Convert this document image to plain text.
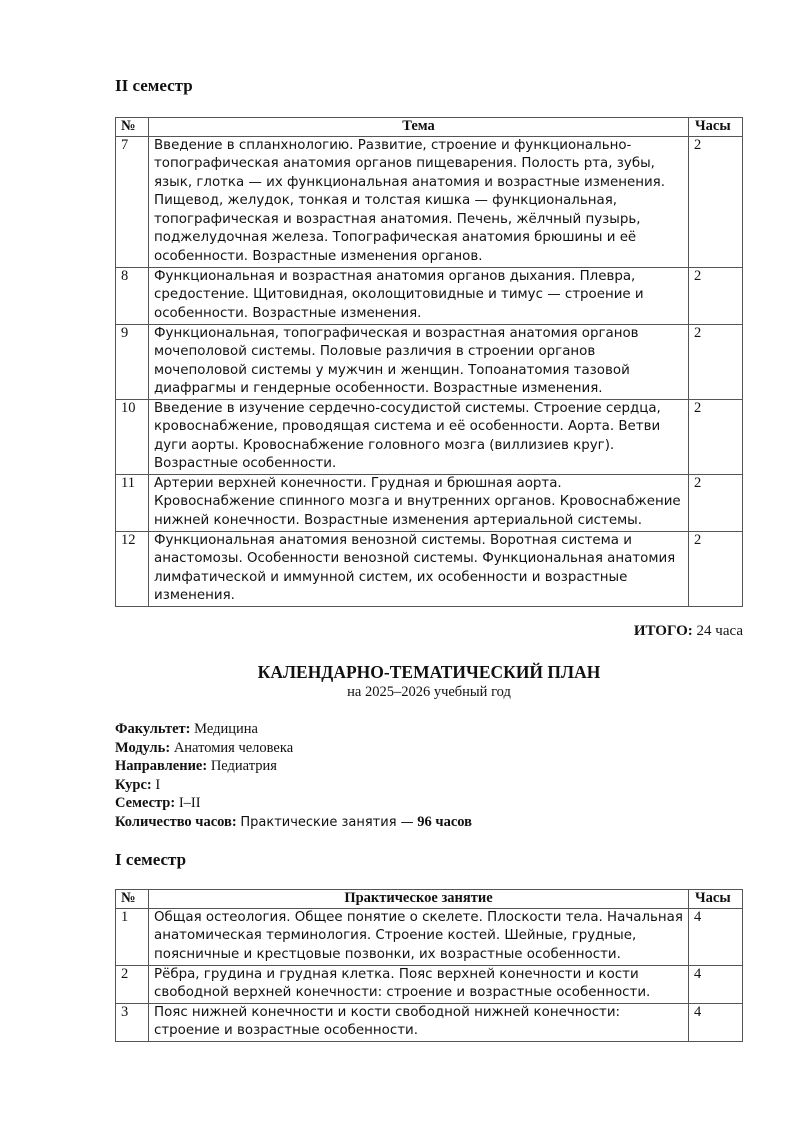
II семестр
№	Тема	Часы
7	Введение в спланхнологию. Развитие, строение и функционально-топографическая анатомия органов пищеварения. Полость рта, зубы, язык, глотка — их функциональная анатомия и возрастные изменения. Пищевод, желудок, тонкая и толстая кишка — функциональная, топографическая и возрастная анатомия. Печень, жёлчный пузырь, поджелудочная железа. Топографическая анатомия брюшины и её особенности. Возрастные изменения органов.	2
8	Функциональная и возрастная анатомия органов дыхания. Плевра, средостение. Щитовидная, околощитовидные и тимус — строение и особенности. Возрастные изменения.	2
9	Функциональная, топографическая и возрастная анатомия органов мочеполовой системы. Половые различия в строении органов мочеполовой системы у мужчин и женщин. Топоанатомия тазовой диафрагмы и гендерные особенности. Возрастные изменения.	2
10	Введение в изучение сердечно-сосудистой системы. Строение сердца, кровоснабжение, проводящая система и её особенности. Аорта. Ветви дуги аорты. Кровоснабжение головного мозга (виллизиев круг). Возрастные особенности.	2
11	Артерии верхней конечности. Грудная и брюшная аорта. Кровоснабжение спинного мозга и внутренних органов. Кровоснабжение нижней конечности. Возрастные изменения артериальной системы.	2
12	Функциональная анатомия венозной системы. Воротная система и анастомозы. Особенности венозной системы. Функциональная анатомия лимфатической и иммунной систем, их особенности и возрастные изменения.	2
ИТОГО: 24 часа
КАЛЕНДАРНО-ТЕМАТИЧЕСКИЙ ПЛАН
на 2025–2026 учебный год
Факультет: Медицина
Модуль: Анатомия человека
Направление: Педиатрия
Курс: I
Семестр: I–II
Количество часов: Практические занятия — 96 часов
I семестр
№	Практическое занятие	Часы
1	Общая остеология. Общее понятие о скелете. Плоскости тела. Начальная анатомическая терминология. Строение костей. Шейные, грудные, поясничные и крестцовые позвонки, их возрастные особенности.	4
2	Рёбра, грудина и грудная клетка. Пояс верхней конечности и кости свободной верхней конечности: строение и возрастные особенности.	4
3	Пояс нижней конечности и кости свободной нижней конечности: строение и возрастные особенности.	4
